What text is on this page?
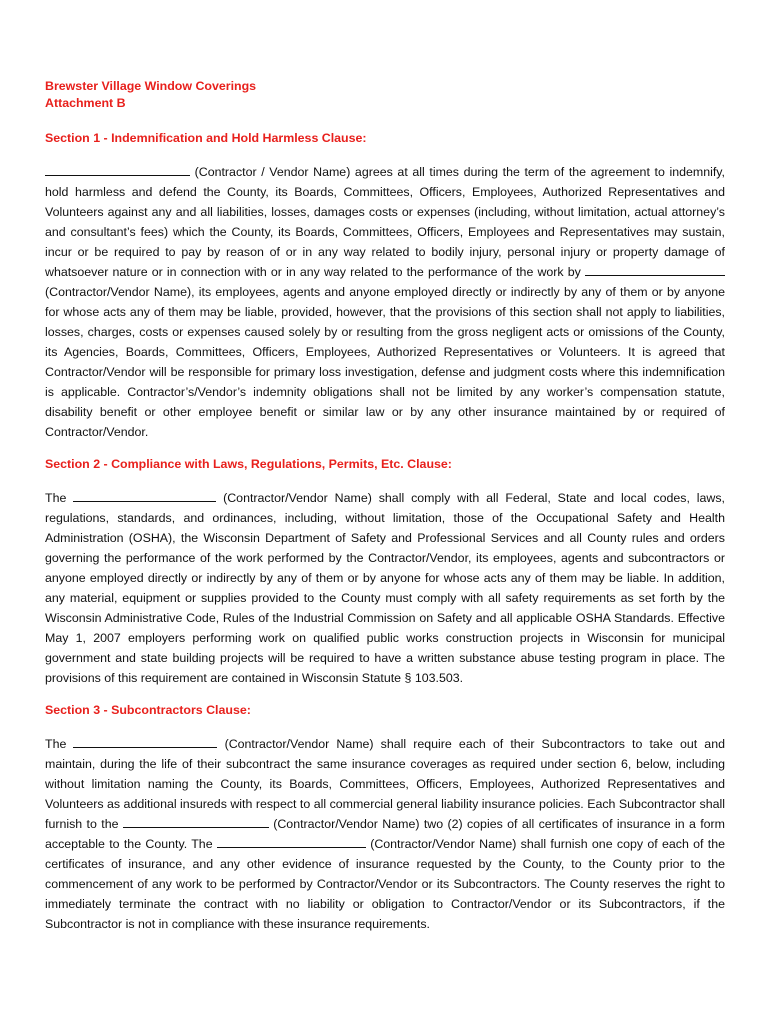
Brewster Village Window Coverings

Attachment B

Section 1 - Indemnification and Hold Harmless Clause:

(Contractor / Vendor Name) agrees at all times during the term of the agreement to indemnify, hold harmless and defend the County, its Boards, Committees, Officers, Employees, Authorized Representatives and Volunteers against any and all liabilities, losses, damages costs or expenses (including, without limitation, actual attorney’s and consultant’s fees) which the County, its Boards, Committees, Officers, Employees and Representatives may sustain, incur or be required to pay by reason of or in any way related to bodily injury, personal injury or property damage of whatsoever nature or in connection with or in any way related to the performance of the work by  (Contractor/Vendor Name), its employees, agents and anyone employed directly or indirectly by any of them or by anyone for whose acts any of them may be liable, provided, however, that the provisions of this section shall not apply to liabilities, losses, charges, costs or expenses caused solely by or resulting from the gross negligent acts or omissions of the County, its Agencies, Boards, Committees, Officers, Employees, Authorized Representatives or Volunteers. It is agreed that Contractor/Vendor will be responsible for primary loss investigation, defense and judgment costs where this indemnification is applicable. Contractor’s/Vendor’s indemnity obligations shall not be limited by any worker’s compensation statute, disability benefit or other employee benefit or similar law or by any other insurance maintained by or required of Contractor/Vendor.

Section 2 - Compliance with Laws, Regulations, Permits, Etc. Clause:

The	(Contractor/Vendor Name) shall comply with all Federal, State and local codes, laws, regulations, standards, and ordinances, including, without limitation, those of the Occupational Safety and Health Administration (OSHA), the Wisconsin Department of Safety and Professional Services and all County rules and orders governing the performance of the work performed by the Contractor/Vendor, its employees, agents and subcontractors or anyone employed directly or indirectly by any of them or by anyone for whose acts any of them may be liable. In addition, any material, equipment or supplies provided to the County must comply with all safety requirements as set forth by the Wisconsin Administrative Code, Rules of the Industrial Commission on Safety and all applicable OSHA Standards. Effective May 1, 2007 employers performing work on qualified public works construction projects in Wisconsin for municipal government and state building projects will be required to have a written substance abuse testing program in place. The provisions of this requirement are contained in Wisconsin Statute § 103.503.

Section 3 - Subcontractors Clause:

The	(Contractor/Vendor Name) shall require each of their Subcontractors to take out and maintain, during the life of their subcontract the same insurance coverages as required under section 6, below, including without limitation naming the County, its Boards, Committees, Officers, Employees, Authorized Representatives and Volunteers as additional insureds with respect to all commercial general liability insurance policies. Each Subcontractor shall furnish to the	(Contractor/Vendor Name) two (2) copies of all certificates of insurance in a form acceptable to the County. The	(Contractor/Vendor Name) shall furnish one copy of each of the certificates of insurance, and any other evidence of insurance requested by the County, to the County prior to the commencement of any work to be performed by Contractor/Vendor or its Subcontractors. The County reserves the right to immediately terminate the contract with no liability or obligation to Contractor/Vendor or its Subcontractors, if the Subcontractor is not in compliance with these insurance requirements.
